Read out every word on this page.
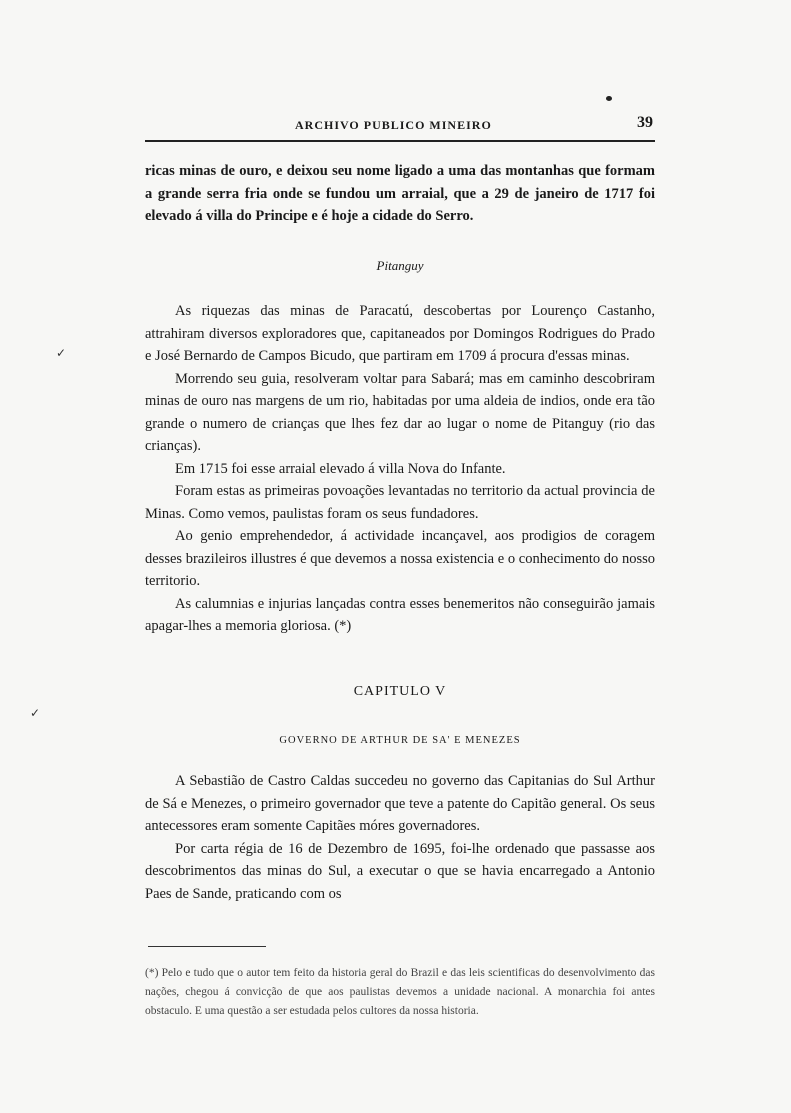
ARCHIVO PUBLICO MINEIRO	39
ricas minas de ouro, e deixou seu nome ligado a uma das montanhas que formam a grande serra fria onde se fundou um arraial, que a 29 de janeiro de 1717 foi elevado á villa do Principe e é hoje a cidade do Serro.
Pitanguy

As riquezas das minas de Paracatú, descobertas por Lourenço Castanho, attrahiram diversos exploradores que, capitaneados por Domingos Rodrigues do Prado e José Bernardo de Campos Bicudo, que partiram em 1709 á procura d'essas minas.

Morrendo seu guia, resolveram voltar para Sabará; mas em caminho descobriram minas de ouro nas margens de um rio, habitadas por uma aldeia de indios, onde era tão grande o numero de crianças que lhes fez dar ao lugar o nome de Pitanguy (rio das crianças).

Em 1715 foi esse arraial elevado á villa Nova do Infante.

Foram estas as primeiras povoações levantadas no territorio da actual provincia de Minas. Como vemos, paulistas foram os seus fundadores.

Ao genio emprehendedor, á actividade incançavel, aos prodigios de coragem desses brazileiros illustres é que devemos a nossa existencia e o conhecimento do nosso territorio.

As calumnias e injurias lançadas contra esses benemeritos não conseguirão jamais apagar-lhes a memoria gloriosa. (*)

CAPITULO V
GOVERNO DE ARTHUR DE SA' E MENEZES

A Sebastião de Castro Caldas succedeu no governo das Capitanias do Sul Arthur de Sá e Menezes, o primeiro governador que teve a patente do Capitão general. Os seus antecessores eram somente Capitães móres governadores.

Por carta régia de 16 de Dezembro de 1695, foi-lhe ordenado que passasse aos descobrimentos das minas do Sul, a executar o que se havia encarregado a Antonio Paes de Sande, praticando com os

(*) Pelo e tudo que o autor tem feito da historia geral do Brazil e das leis scientificas do desenvolvimento das nações, chegou á convicção de que aos paulistas devemos a unidade nacional. A monarchia foi antes obstaculo. E uma questão a ser estudada pelos cultores da nossa historia.
✓
✓
